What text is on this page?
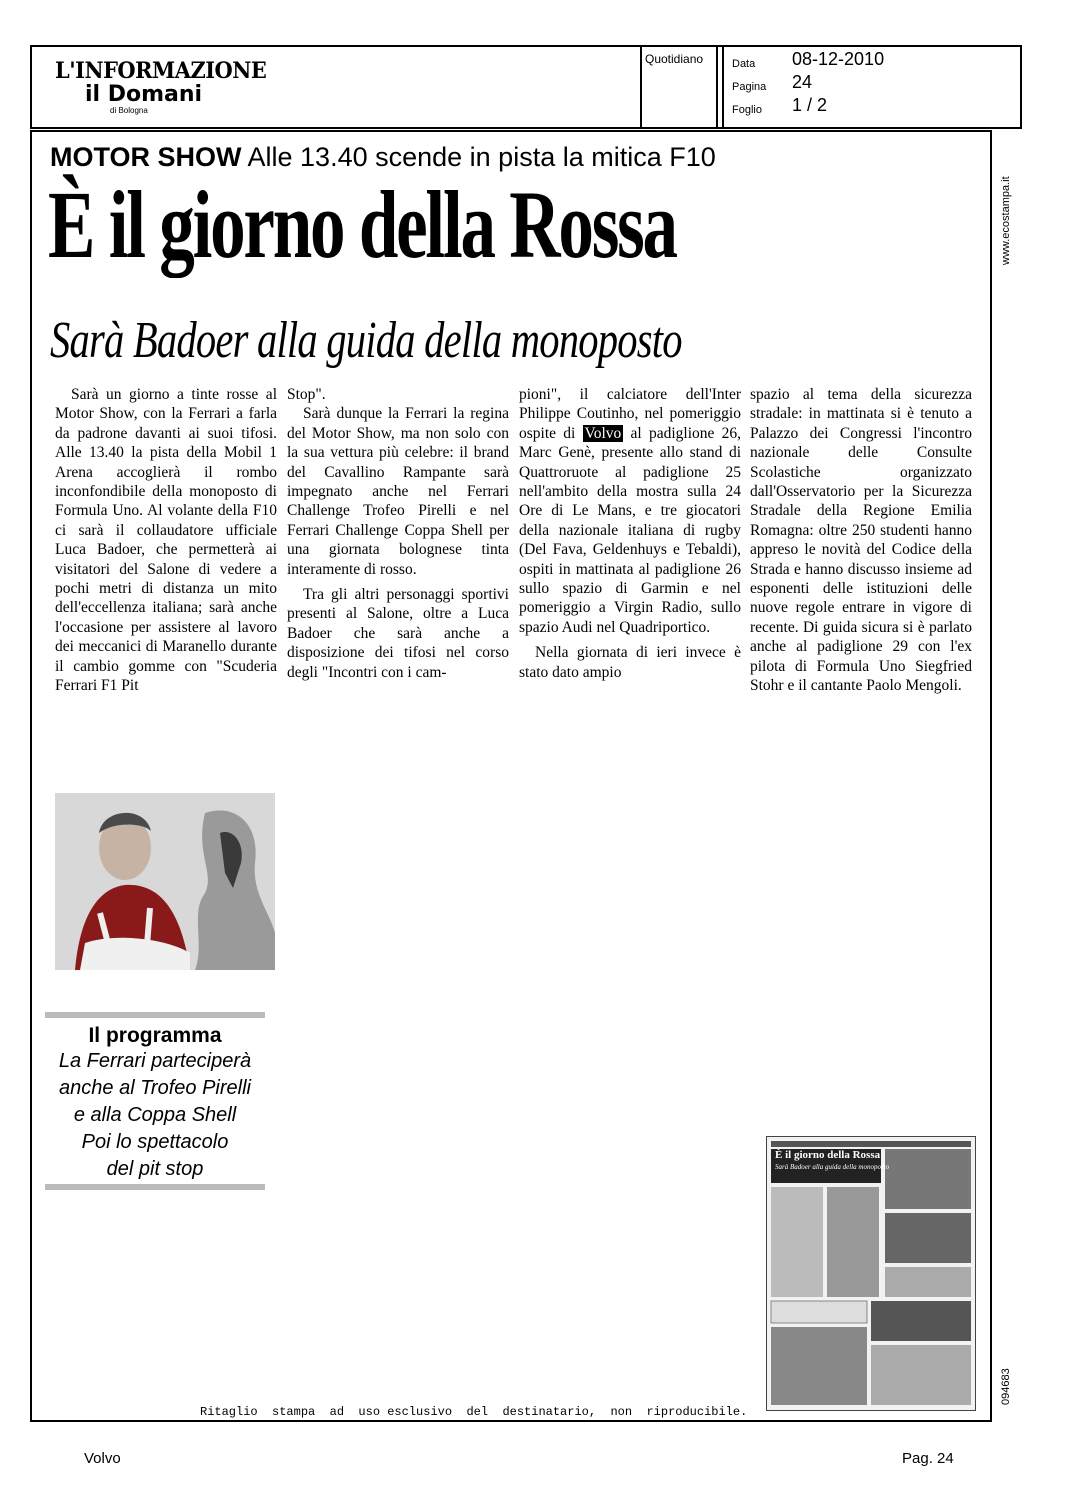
L'INFORMAZIONE
il Domani
di Bologna
Quotidiano	Data
Pagina
Foglio
08-12-2010
24
1 / 2
www.ecostampa.it
094683
MOTOR SHOW Alle 13.40 scende in pista la mitica F10
È il giorno della Rossa
Sarà Badoer alla guida della monoposto

Sarà un giorno a tinte rosse al Motor Show, con la Ferrari a farla da padrone davanti ai suoi tifosi. Alle 13.40 la pista della Mobil 1 Arena accoglierà il rombo inconfondibile della monoposto di Formula Uno. Al volante della F10 ci sarà il collaudatore ufficiale Luca Badoer, che permetterà ai visitatori del Salone di vedere a pochi metri di distanza un mito dell'eccellenza italiana; sarà anche l'occasione per assistere al lavoro dei meccanici di Maranello durante il cambio gomme con "Scuderia Ferrari F1 Pit

Stop".

Sarà dunque la Ferrari la regina del Motor Show, ma non solo con la sua vettura più celebre: il brand del Cavallino Rampante sarà impegnato anche nel Ferrari Challenge Trofeo Pirelli e nel Ferrari Challenge Coppa Shell per una giornata bolognese tinta interamente di rosso.

Tra gli altri personaggi sportivi presenti al Salone, oltre a Luca Badoer che sarà anche a disposizione dei tifosi nel corso degli "Incontri con i cam-

pioni", il calciatore dell'Inter Philippe Coutinho, nel pomeriggio ospite di Volvo al padiglione 26, Marc Genè, presente allo stand di Quattroruote al padiglione 25 nell'ambito della mostra sulla 24 Ore di Le Mans, e tre giocatori della nazionale italiana di rugby (Del Fava, Geldenhuys e Tebaldi), ospiti in mattinata al padiglione 26 sullo spazio di Garmin e nel pomeriggio a Virgin Radio, sullo spazio Audi nel Quadriportico.

Nella giornata di ieri invece è stato dato ampio

spazio al tema della sicurezza stradale: in mattinata si è tenuto a Palazzo dei Congressi l'incontro nazionale delle Consulte Scolastiche organizzato dall'Osservatorio per la Sicurezza Stradale della Regione Emilia Romagna: oltre 250 studenti hanno appreso le novità del Codice della Strada e hanno discusso insieme ad esponenti delle istituzioni delle nuove regole entrare in vigore di recente. Di guida sicura si è parlato anche al padiglione 29 con l'ex pilota di Formula Uno Siegfried Stohr e il cantante Paolo Mengoli.

Il programma
La Ferrari parteciperà
anche al Trofeo Pirelli
e alla Coppa Shell
Poi lo spettacolo
del pit stop
È il giorno della Rossa
Sarà Badoer alla guida della monoposto
Ritaglio  stampa  ad  uso esclusivo  del  destinatario,  non  riproducibile.
Volvo	Pag. 24
